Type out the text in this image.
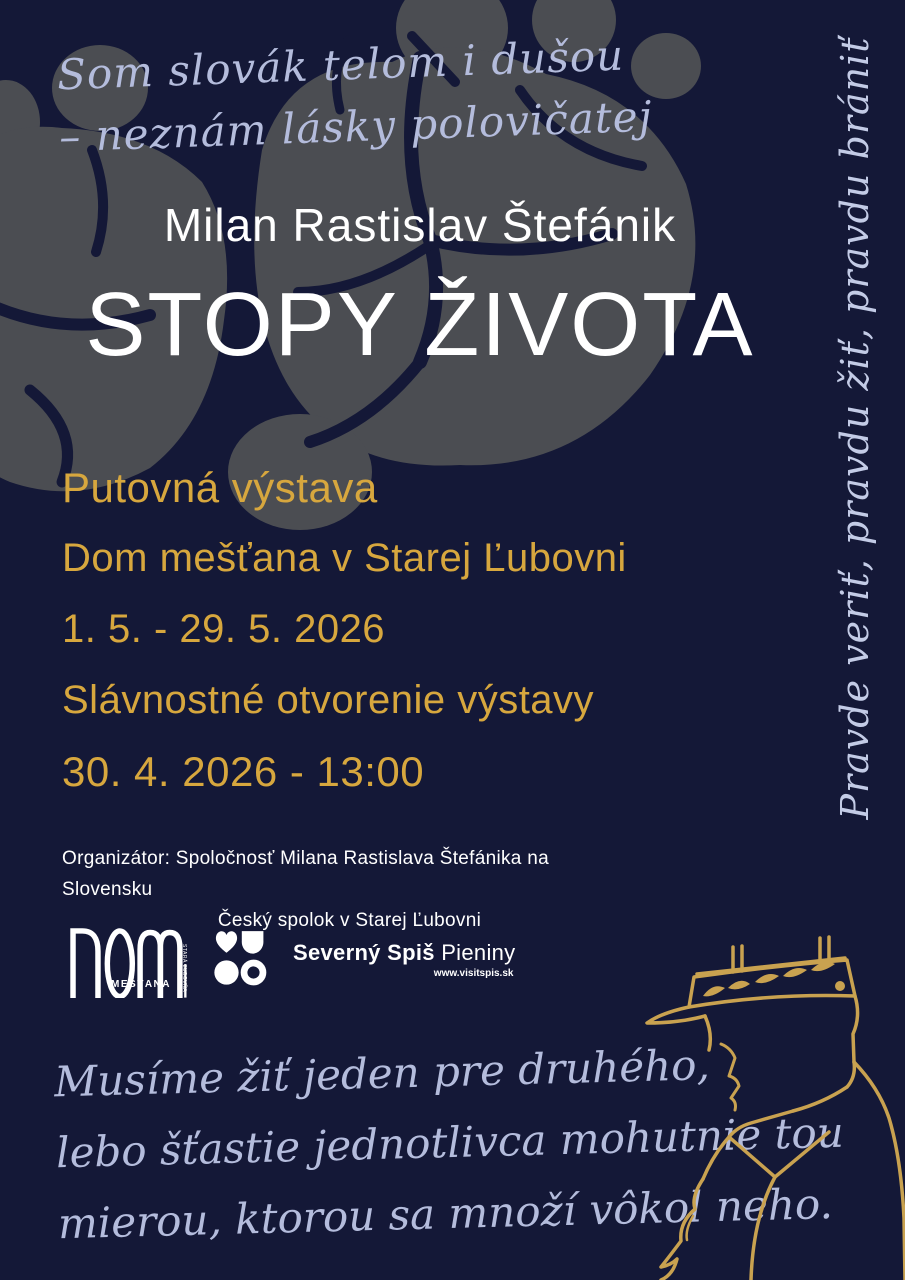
Som slovák telom i dušou
– neznám lásky polovičatej	Pravde veriť, pravdu žiť, pravdu brániť
Milan Rastislav Štefánik
STOPY ŽIVOTA
Putovná výstava
Dom mešťana v Starej Ľubovni
1. 5. - 29. 5. 2026
Slávnostné otvorenie výstavy
30. 4. 2026 - 13:00
Organizátor: Spoločnosť Milana Rastislava Štefánika na Slovensku
Český spolok v Starej Ľubovni
MEŠŤANA STARÁ ĽUBOVŇA	Severný Spiš Pieniny
www.visitspis.sk
Musíme žiť jeden pre druhého,
lebo šťastie jednotlivca mohutnie tou
mierou, ktorou sa množí vôkol neho.
